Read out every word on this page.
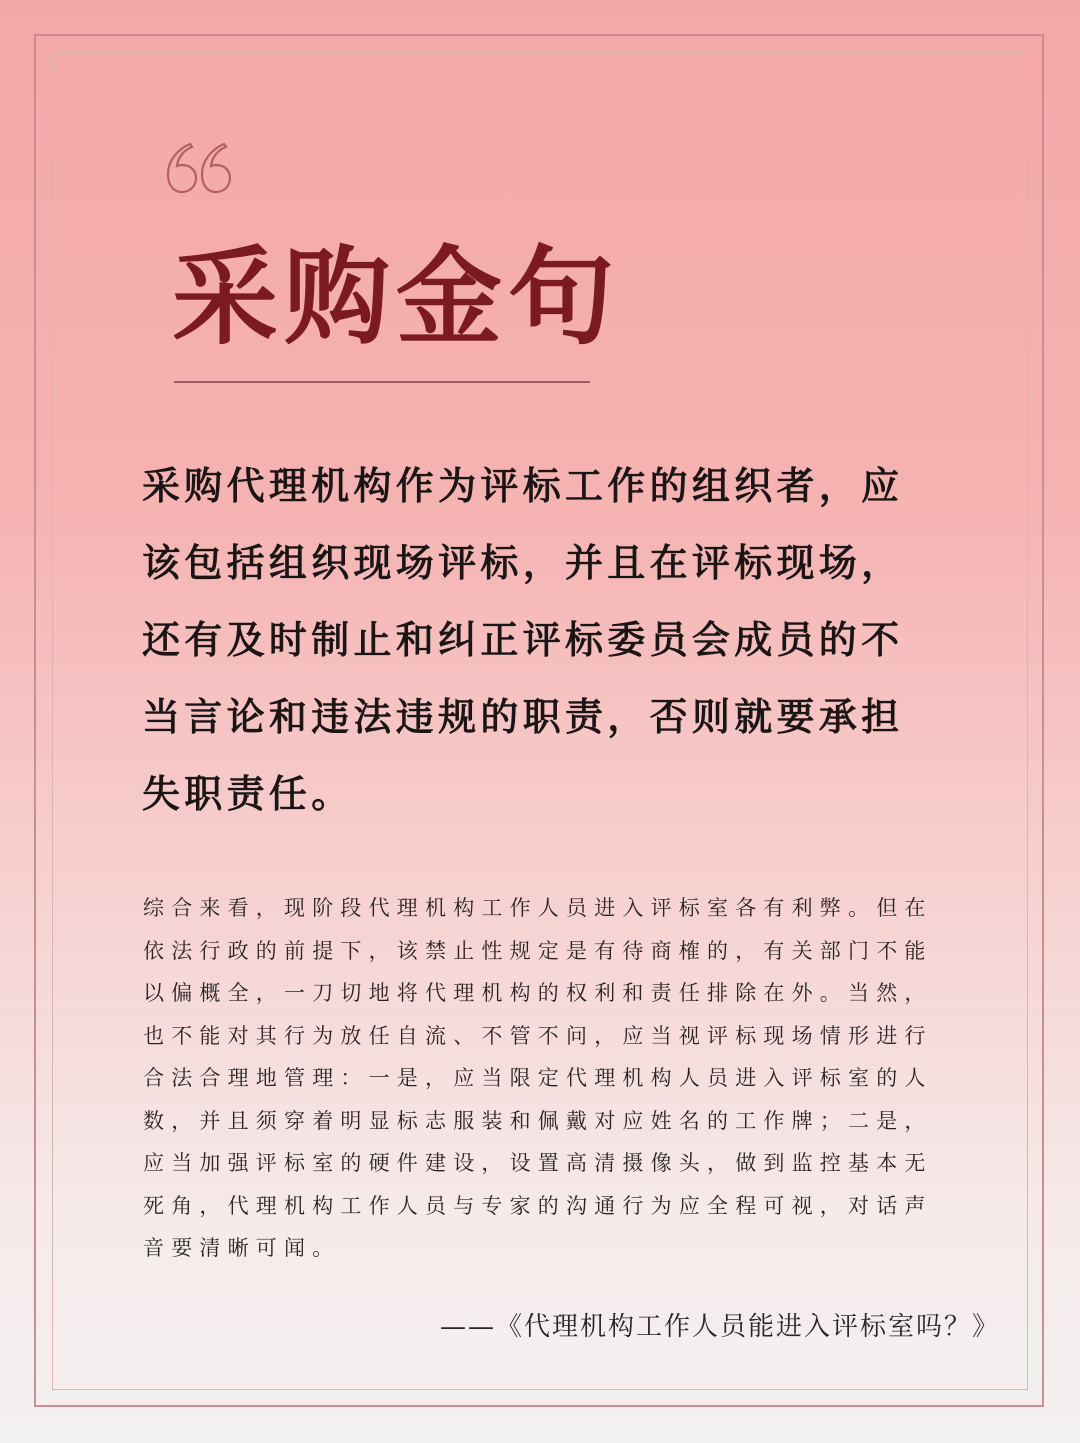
采购金句

采购代理机构作为评标工作的组织者，应该包括组织现场评标，并且在评标现场，还有及时制止和纠正评标委员会成员的不当言论和违法违规的职责，否则就要承担失职责任。

综合来看，现阶段代理机构工作人员进入评标室各有利弊。但在依法行政的前提下，该禁止性规定是有待商榷的，有关部门不能以偏概全，一刀切地将代理机构的权利和责任排除在外。当然，也不能对其行为放任自流、不管不问，应当视评标现场情形进行合法合理地管理：一是，应当限定代理机构人员进入评标室的人数，并且须穿着明显标志服装和佩戴对应姓名的工作牌；二是，应当加强评标室的硬件建设，设置高清摄像头，做到监控基本无死角，代理机构工作人员与专家的沟通行为应全程可视，对话声音要清晰可闻。

——《代理机构工作人员能进入评标室吗？》
